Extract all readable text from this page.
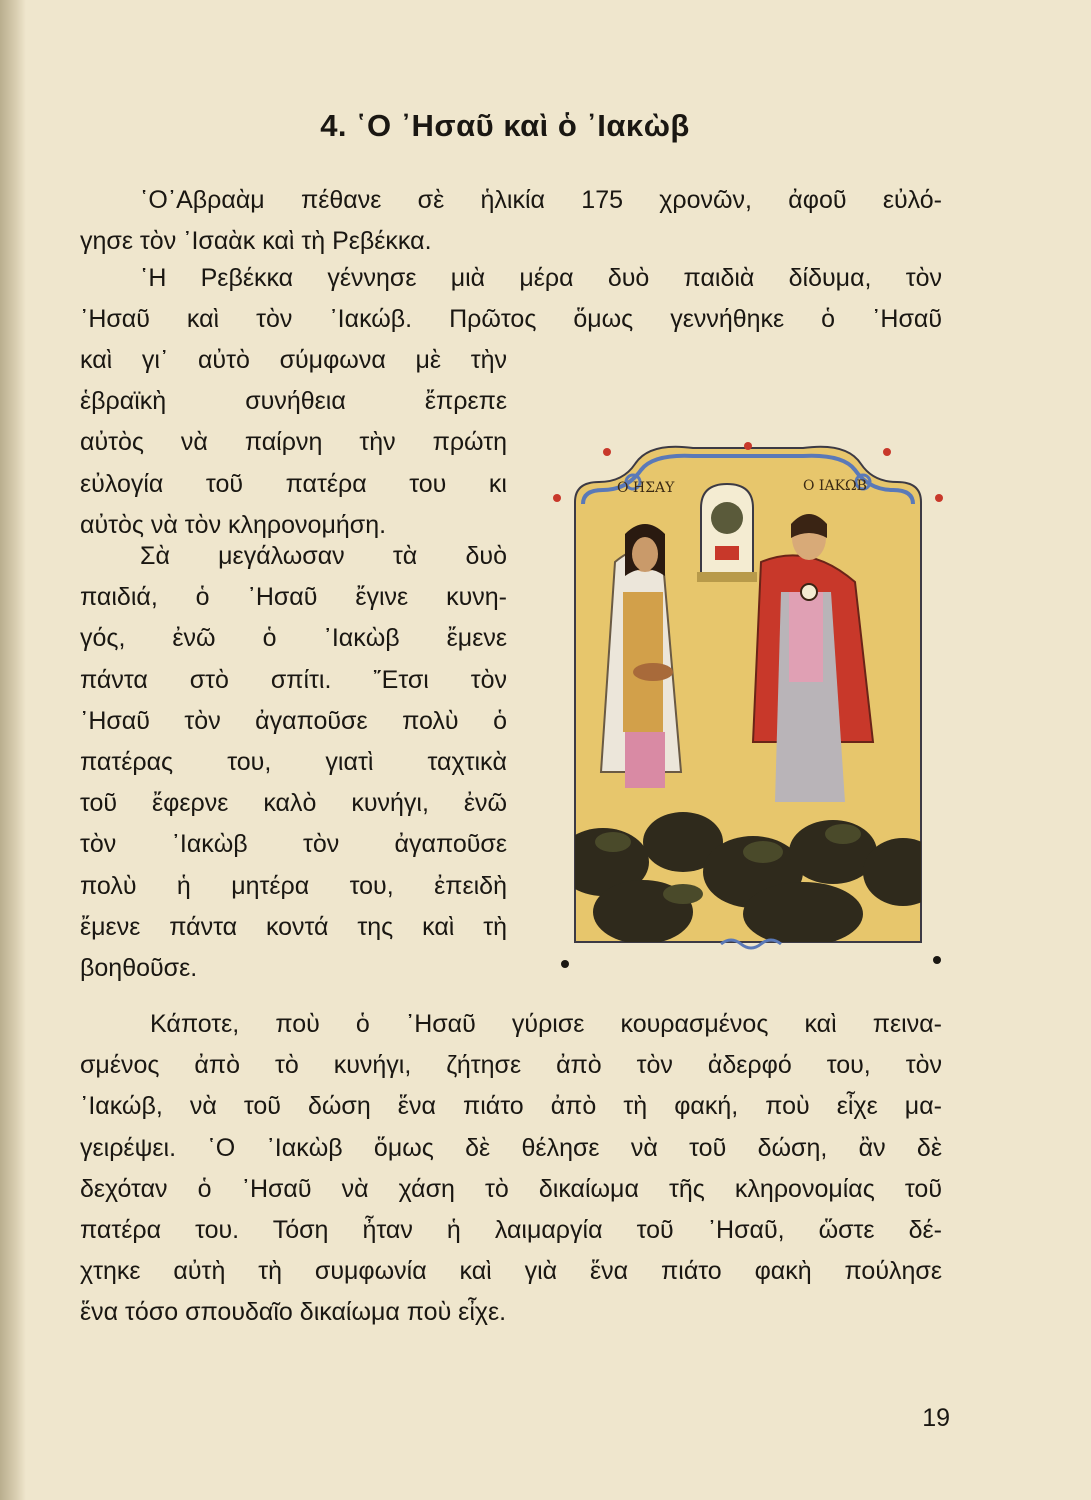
4. ῾Ο ᾿Ησαῦ καὶ ὁ ᾿Ιακὼβ
῾Ο᾿Αβραὰμ πέθανε σὲ ἡλικία 175 χρονῶν, ἀφοῦ εὐλό-
γησε τὸν ᾿Ισαὰκ καὶ τὴ Ρεβέκκα.
῾Η Ρεβέκκα γέννησε μιὰ μέρα δυὸ παιδιὰ δίδυμα, τὸν
᾿Ησαῦ καὶ τὸν ᾿Ιακώβ. Πρῶτος ὅμως γεννήθηκε ὁ ᾿Ησαῦ
καὶ γι᾿ αὐτὸ σύμφωνα μὲ τὴν
ἑβραϊκὴ συνήθεια ἔπρεπε
αὐτὸς νὰ παίρνη τὴν πρώτη
εὐλογία τοῦ πατέρα του κι
αὐτὸς νὰ τὸν κληρονομήση.
Σὰ μεγάλωσαν τὰ δυὸ
παιδιά, ὁ ᾿Ησαῦ ἔγινε κυνη-
γός, ἐνῶ ὁ ᾿Ιακὼβ ἔμενε
πάντα στὸ σπίτι. ῎Ετσι τὸν
᾿Ησαῦ τὸν ἀγαποῦσε πολὺ ὁ
πατέρας του, γιατὶ ταχτικὰ
τοῦ ἔφερνε καλὸ κυνήγι, ἐνῶ
τὸν ᾿Ιακὼβ τὸν ἀγαποῦσε
πολὺ ἡ μητέρα του, ἐπειδὴ
ἔμενε πάντα κοντά της καὶ τὴ
βοηθοῦσε.
Κάποτε, ποὺ ὁ ᾿Ησαῦ γύρισε κουρασμένος καὶ πεινα-
σμένος ἀπὸ τὸ κυνήγι, ζήτησε ἀπὸ τὸν ἀδερφό του, τὸν
᾿Ιακώβ, νὰ τοῦ δώση ἕνα πιάτο ἀπὸ τὴ φακή, ποὺ εἶχε μα-
γειρέψει. ῾Ο ᾿Ιακὼβ ὅμως δὲ θέλησε νὰ τοῦ δώση, ἂν δὲ
δεχόταν ὁ ᾿Ησαῦ νὰ χάση τὸ δικαίωμα τῆς κληρονομίας τοῦ
πατέρα του. Τόση ἦταν ἡ λαιμαργία τοῦ ᾿Ησαῦ, ὥστε δέ-
χτηκε αὐτὴ τὴ συμφωνία καὶ γιὰ ἕνα πιάτο φακὴ πούλησε
ἕνα τόσο σπουδαῖο δικαίωμα ποὺ εἶχε.
Ο ΗΣΑΥ	Ο ΙΑΚΩΒ
19
